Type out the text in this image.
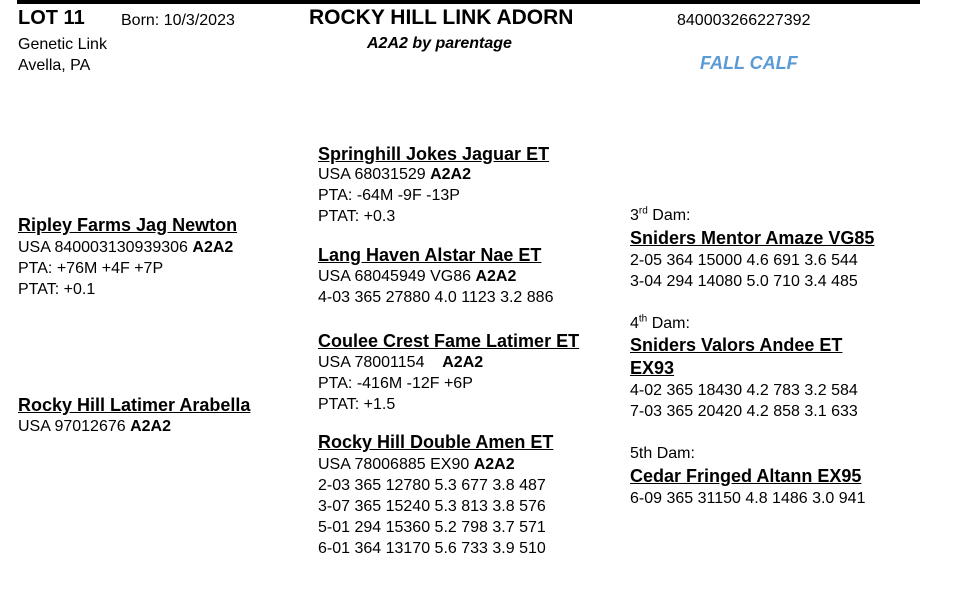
LOT 11 Born: 10/3/2023	ROCKY HILL LINK ADORN
A2A2 by parentage
840003266227392
Genetic Link
Avella, PA	FALL CALF
Ripley Farms Jag Newton
USA 840003130939306 A2A2
PTA: +76M +4F +7P
PTAT: +0.1
Rocky Hill Latimer Arabella
USA 97012676 A2A2
Springhill Jokes Jaguar ET
USA 68031529 A2A2
PTA: -64M -9F -13P
PTAT: +0.3
Lang Haven Alstar Nae ET
USA 68045949 VG86 A2A2
4-03 365 27880 4.0 1123 3.2 886
Coulee Crest Fame Latimer ET
USA 78001154    A2A2
PTA: -416M -12F +6P
PTAT: +1.5
Rocky Hill Double Amen ET
USA 78006885 EX90 A2A2
2-03 365 12780 5.3 677 3.8 487
3-07 365 15240 5.3 813 3.8 576
5-01 294 15360 5.2 798 3.7 571
6-01 364 13170 5.6 733 3.9 510
3rd Dam:
Sniders Mentor Amaze VG85
2-05 364 15000 4.6 691 3.6 544
3-04 294 14080 5.0 710 3.4 485
4th Dam:
Sniders Valors Andee ET
EX93
4-02 365 18430 4.2 783 3.2 584
7-03 365 20420 4.2 858 3.1 633
5th Dam:
Cedar Fringed Altann EX95
6-09 365 31150 4.8 1486 3.0 941
